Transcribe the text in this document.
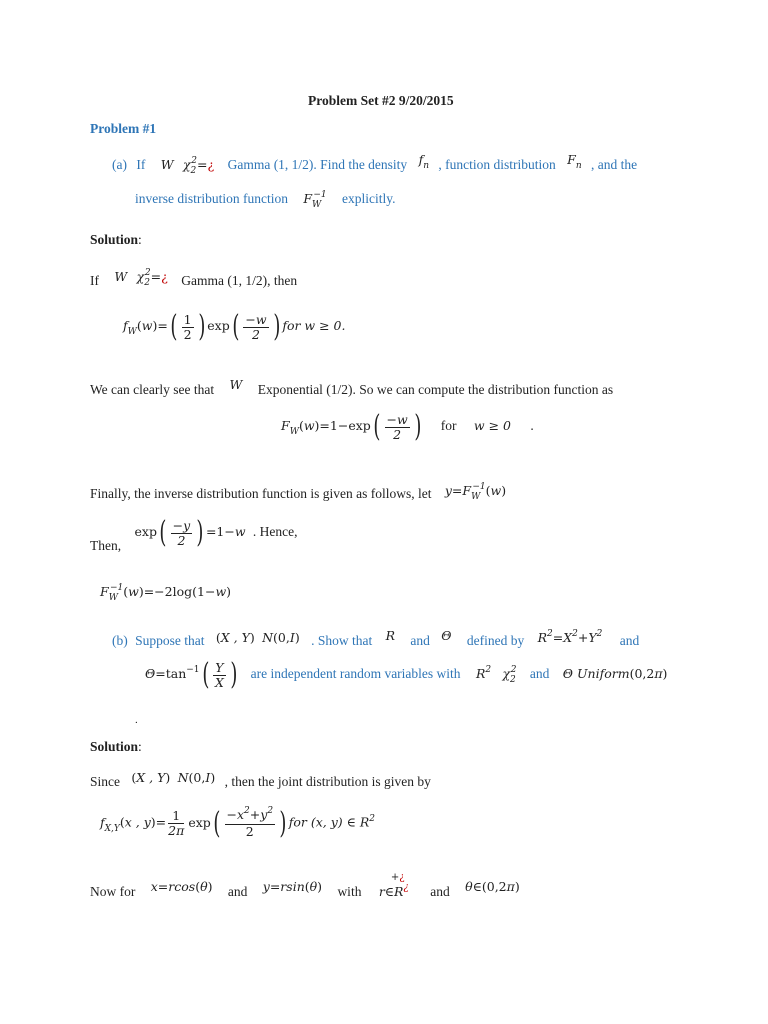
Problem Set #2 9/20/2015
Problem #1
(a) If W $\chi_2^2=¿$ Gamma (1, 1/2). Find the density $f_n$ , function distribution $F_n$ , and the
inverse distribution function $F_W^{-1}$ explicitly.
Solution:
If W $\chi_2^2=¿$ Gamma (1, 1/2), then
$f_W(w)=( \frac{1}{2}$ ) $\exp( \frac{-w}{2}$ ) for w ≥ 0.
We can clearly see that W Exponential (1/2). So we can compute the distribution function as
$F_W(w)=1-\exp( \frac{-w}{2}$ ) for w ≥ 0 .
Finally, the inverse distribution function is given as follows, let $y=F_W^{-1}(w)$
Then, $\exp( \frac{-y}{2}$ ) =1−w . Hence,
$F_W^{-1}(w)=-2\log(1-w)$
(b) Suppose that (X , Y) N(0,I) . Show that R and Θ defined by $R^2=X^2+Y^2$ and
$\Theta=\tan^{-1}( \frac{Y}{X}$ ) are independent random variables with $R^2$ $\chi_2^2$ and Θ Uniform(0,2π)
.
Solution:
Since (X , Y) N(0,I) , then the joint distribution is given by
$f_{X,Y}(x$ , $y)= \frac{1}{2\pi} \exp( \frac{-x^2+y^2}{2}$ ) for (x, y) ∈ $R^2$
Now for x=rcos(θ) and y=rsin(θ) with
+¿
r∈R¿ and θ∈(0,2π)
